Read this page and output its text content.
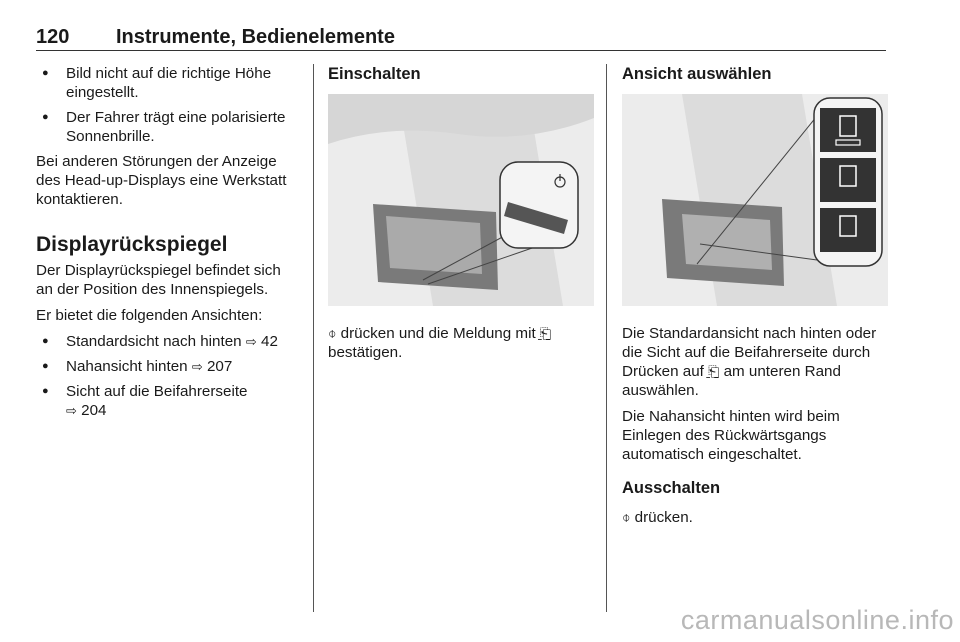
120 Instrumente, Bedienelemente
● Bild nicht auf die richtige Höhe eingestellt.
● Der Fahrer trägt eine polarisierte Sonnenbrille.

Bei anderen Störungen der Anzeige des Head-up-Displays eine Werkstatt kontaktieren.

Displayrückspiegel

Der Displayrückspiegel befindet sich an der Position des Innenspiegels.

Er bietet die folgenden Ansichten:

● Standardsicht nach hinten ⇨ 42
● Nahansicht hinten ⇨ 207
● Sicht auf die Beifahrerseite
⇨ 204
Einschalten

⌽ drücken und die Meldung mit ̱⎗̱
bestätigen.

Ansicht auswählen

Die Standardansicht nach hinten oder die Sicht auf die Beifahrerseite durch Drücken auf ̱⎗̱ am unteren Rand auswählen.

Die Nahansicht hinten wird beim Einlegen des Rückwärtsgangs automatisch eingeschaltet.

Ausschalten

⌽ drücken.

carmanualsonline.info
